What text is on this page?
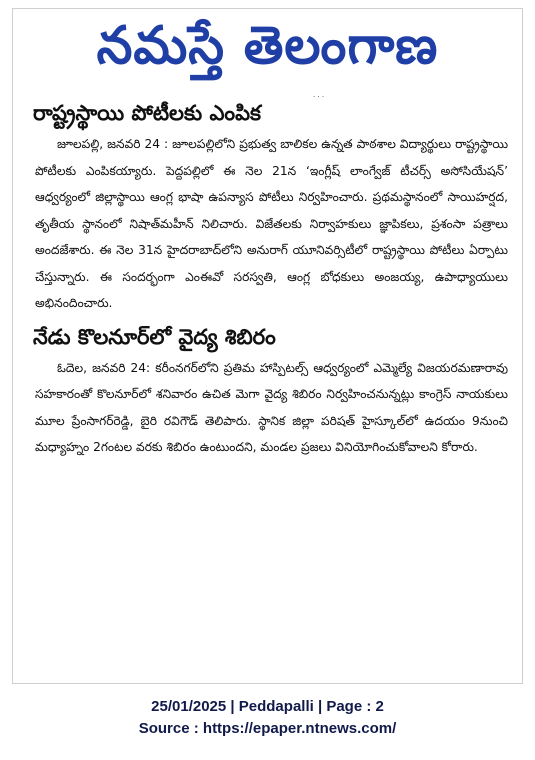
నమస్తే తెలంగాణ
· · ·
రాష్ట్రస్థాయి పోటీలకు ఎంపిక
జూలపల్లి, జనవరి 24 : జూలపల్లిలోని ప్రభుత్వ బాలికల ఉన్నత పాఠశాల విద్యార్థులు రాష్ట్రస్థాయి పోటీలకు ఎంపికయ్యారు. పెద్దపల్లిలో ఈ నెల 21న ‘ఇంగ్లీష్ లాంగ్వేజ్ టీచర్స్ అసోసియేషన్’ ఆధ్వర్యంలో జిల్లాస్థాయి ఆంగ్ల భాషా ఉపన్యాస పోటీలు నిర్వహించారు. ప్రథమస్థానంలో సాయిహర్షద, తృతీయ స్థానంలో నిషాత్‌మహీన్ నిలిచారు. విజేతలకు నిర్వాహకులు జ్ఞాపికలు, ప్రశంసా పత్రాలు అందజేశారు. ఈ నెల 31న హైదరాబాద్‌లోని అనురాగ్ యూనివర్సిటీలో రాష్ట్రస్థాయి పోటీలు ఏర్పాటు చేస్తున్నారు. ఈ సందర్భంగా ఎంఈవో సరస్వతి, ఆంగ్ల బోధకులు అంజయ్య, ఉపాధ్యాయులు అభినందించారు.
నేడు కొలనూర్‌లో వైద్య శిబిరం
ఓదెల, జనవరి 24: కరీంనగర్‌లోని ప్రతిమ హాస్పిటల్స్ ఆధ్వర్యంలో ఎమ్మెల్యే విజయరమణారావు సహకారంతో కొలనూర్‌లో శనివారం ఉచిత మెగా వైద్య శిబిరం నిర్వహించనున్నట్లు కాంగ్రెస్ నాయకులు మూల ప్రేంసాగర్‌రెడ్డి, బైరి రవిగౌడ్ తెలిపారు. స్థానిక జిల్లా పరిషత్ హైస్కూల్‌లో ఉదయం 9నుంచి మధ్యాహ్నం 2గంటల వరకు శిబిరం ఉంటుందని, మండల ప్రజలు వినియోగించుకోవాలని కోరారు.
25/01/2025 | Peddapalli | Page : 2
Source : https://epaper.ntnews.com/
